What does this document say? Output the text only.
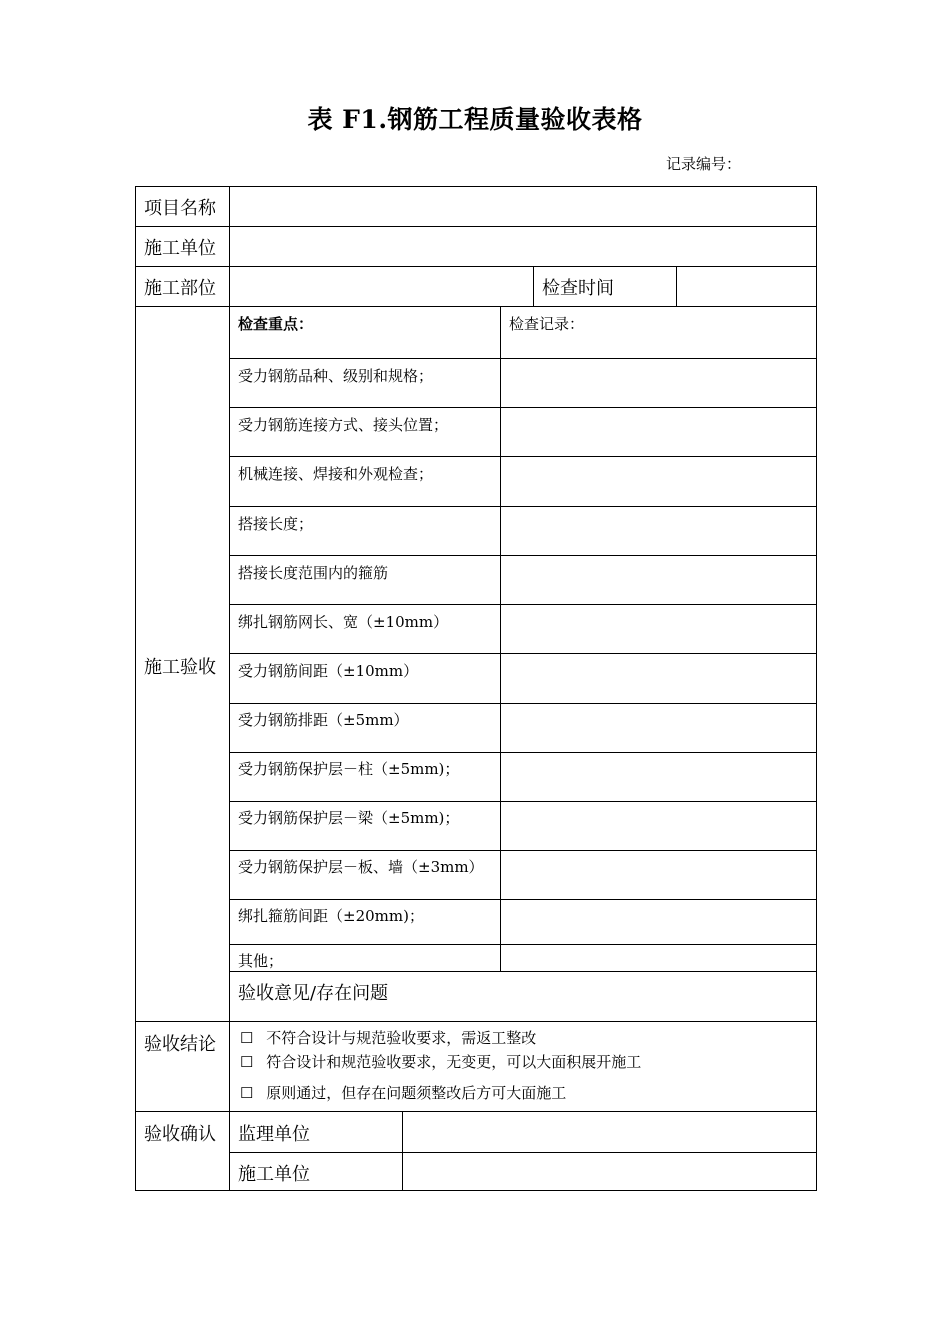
表 F1.钢筋工程质量验收表格
记录编号：
项目名称
施工单位
施工部位	检查时间
施工验收
检查重点：	检查记录：
受力钢筋品种、级别和规格；
受力钢筋连接方式、接头位置；
机械连接、焊接和外观检查；
搭接长度；
搭接长度范围内的箍筋
绑扎钢筋网长、宽（±10mm）
受力钢筋间距（±10mm）
受力钢筋排距（±5mm）
受力钢筋保护层－柱（±5mm)；
受力钢筋保护层－梁（±5mm)；
受力钢筋保护层－板、墙（±3mm）
绑扎箍筋间距（±20mm)；
其他；
验收意见/存在问题
验收结论 ☐ 不符合设计与规范验收要求，需返工整改
☐ 符合设计和规范验收要求，无变更，可以大面积展开施工
☐ 原则通过，但存在问题须整改后方可大面施工
验收确认 监理单位
施工单位
